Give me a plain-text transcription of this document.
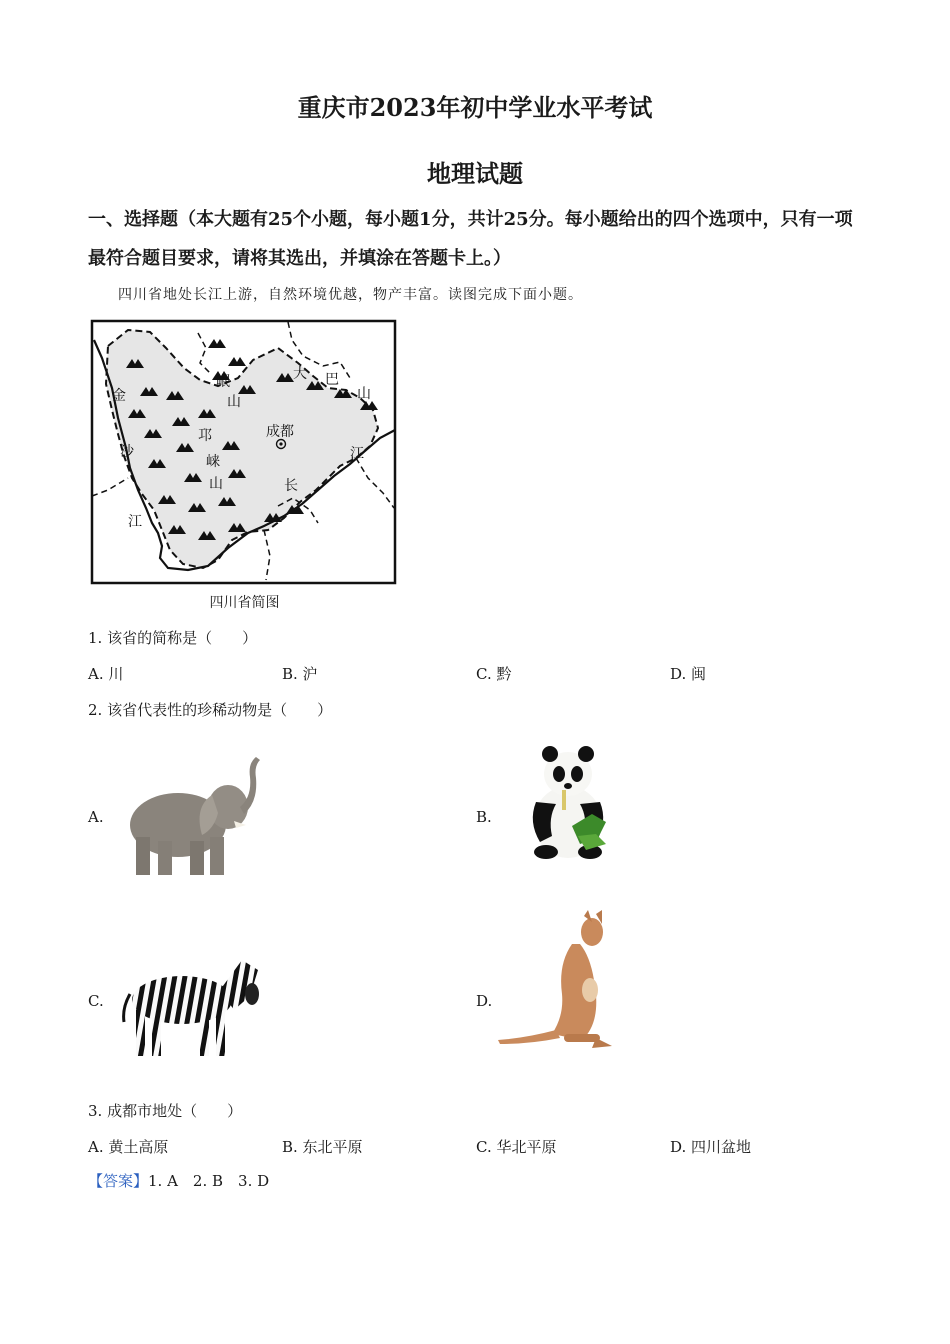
重庆市2023年初中学业水平考试
地理试题
一、选择题（本大题有25个小题，每小题1分，共计25分。每小题给出的四个选项中，只有一项最符合题目要求，请将其选出，并填涂在答题卡上。）
四川省地处长江上游，自然环境优越，物产丰富。读图完成下面小题。
金
沙
江
岷
山
邛
崃
山
大 巴
山
成都
长
江
四川省简图
1. 该省的简称是（　　）
A. 川	B. 沪	C. 黔	D. 闽
2. 该省代表性的珍稀动物是（　　）
A.	B.
C.	D.
3. 成都市地处（　　）
A. 黄土高原	B. 东北平原	C. 华北平原	D. 四川盆地
【答案】1. A　2. B　3. D
